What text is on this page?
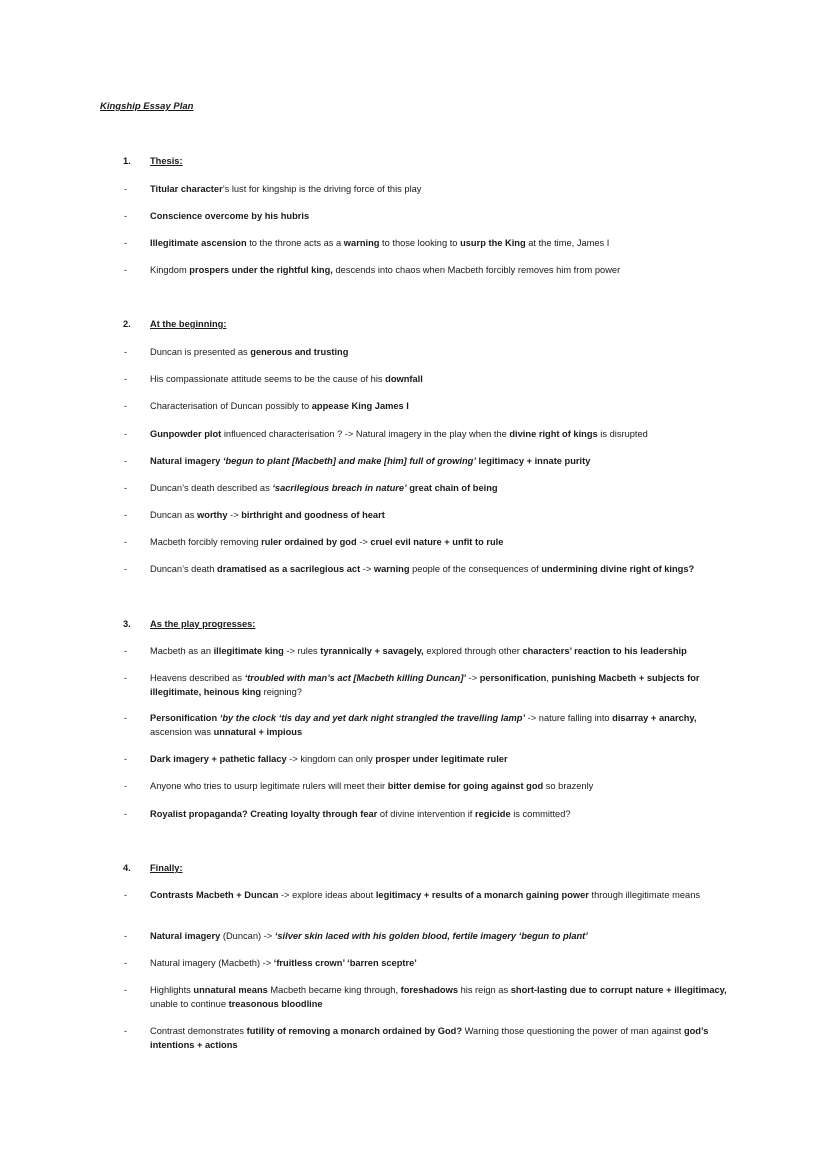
Kingship Essay Plan
1. Thesis:
- Titular character’s lust for kingship is the driving force of this play
- Conscience overcome by his hubris
- Illegitimate ascension to the throne acts as a warning to those looking to usurp the King at the time, James I
- Kingdom prospers under the rightful king, descends into chaos when Macbeth forcibly removes him from power
2. At the beginning:
- Duncan is presented as generous and trusting
- His compassionate attitude seems to be the cause of his downfall
- Characterisation of Duncan possibly to appease King James I
- Gunpowder plot influenced characterisation ? -> Natural imagery in the play when the divine right of kings is disrupted
- Natural imagery ‘begun to plant [Macbeth] and make [him] full of growing’ legitimacy + innate purity
- Duncan’s death described as ‘sacrilegious breach in nature’ great chain of being
- Duncan as worthy -> birthright and goodness of heart
- Macbeth forcibly removing ruler ordained by god -> cruel evil nature + unfit to rule
- Duncan’s death dramatised as a sacrilegious act -> warning people of the consequences of undermining divine right of kings?
3. As the play progresses:
- Macbeth as an illegitimate king -> rules tyrannically + savagely, explored through other characters’ reaction to his leadership
- Heavens described as ‘troubled with man’s act [Macbeth killing Duncan]’ -> personification, punishing Macbeth + subjects for illegitimate, heinous king reigning?
- Personification ‘by the clock ‘tis day and yet dark night strangled the travelling lamp’ -> nature falling into disarray + anarchy, ascension was unnatural + impious
- Dark imagery + pathetic fallacy -> kingdom can only prosper under legitimate ruler
- Anyone who tries to usurp legitimate rulers will meet their bitter demise for going against god so brazenly
- Royalist propaganda? Creating loyalty through fear of divine intervention if regicide is committed?
4. Finally:
- Contrasts Macbeth + Duncan -> explore ideas about legitimacy + results of a monarch gaining power through illegitimate means
- Natural imagery (Duncan) -> ‘silver skin laced with his golden blood, fertile imagery ‘begun to plant’
- Natural imagery (Macbeth) -> ‘fruitless crown’ ‘barren sceptre’
- Highlights unnatural means Macbeth became king through, foreshadows his reign as short-lasting due to corrupt nature + illegitimacy, unable to continue treasonous bloodline
- Contrast demonstrates futility of removing a monarch ordained by God? Warning those questioning the power of man against god’s intentions + actions
